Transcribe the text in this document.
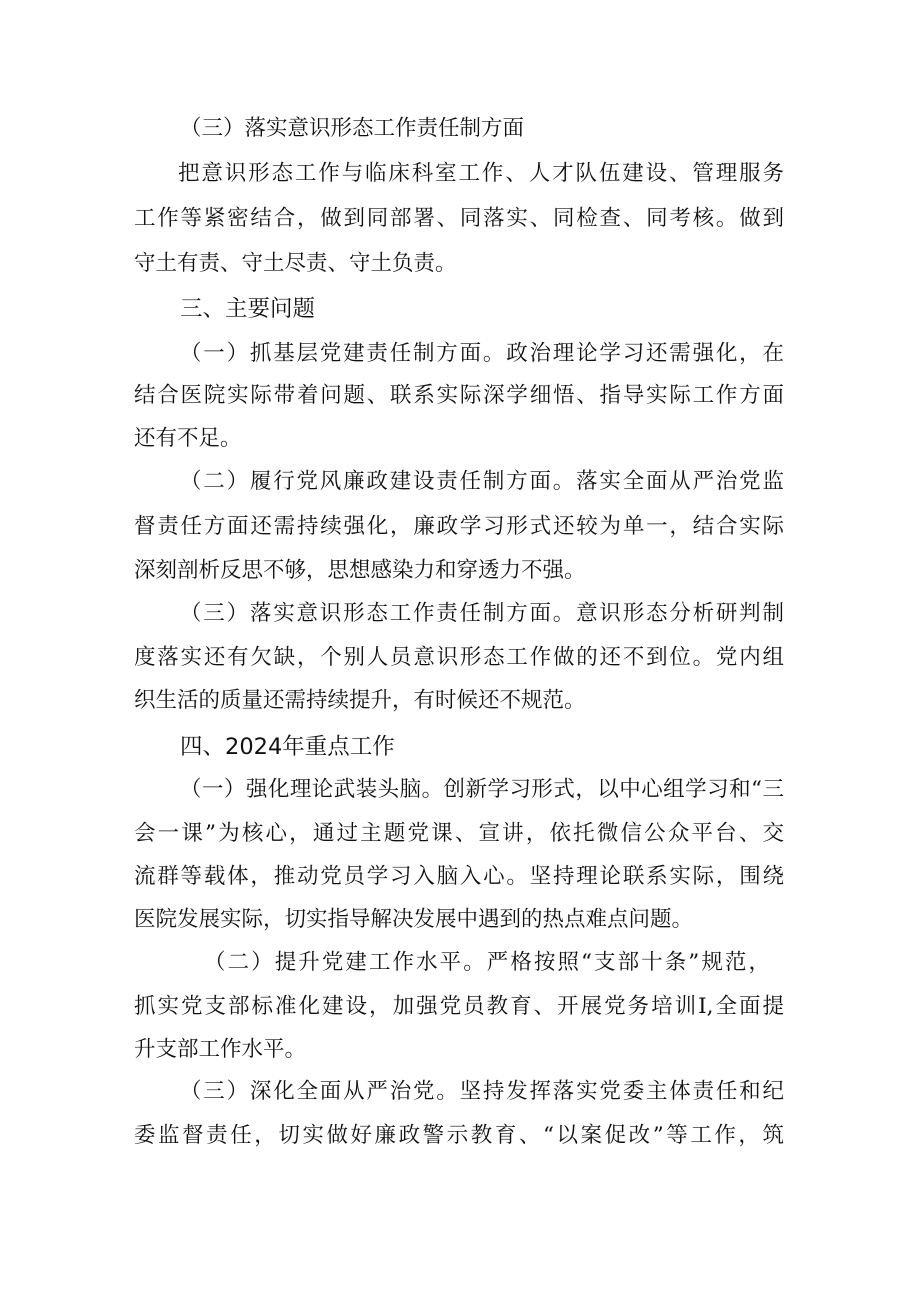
（三）落实意识形态工作责任制方面

把意识形态工作与临床科室工作、人才队伍建设、管理服务

工作等紧密结合，做到同部署、同落实、同检查、同考核。做到

守土有责、守土尽责、守土负责。

三、主要问题

（一）抓基层党建责任制方面。政治理论学习还需强化，在

结合医院实际带着问题、联系实际深学细悟、指导实际工作方面

还有不足。

（二）履行党风廉政建设责任制方面。落实全面从严治党监

督责任方面还需持续强化，廉政学习形式还较为单一，结合实际

深刻剖析反思不够，思想感染力和穿透力不强。

（三）落实意识形态工作责任制方面。意识形态分析研判制

度落实还有欠缺，个别人员意识形态工作做的还不到位。党内组

织生活的质量还需持续提升，有时候还不规范。

四、2024年重点工作

（一）强化理论武装头脑。创新学习形式，以中心组学习和“三

会一课”为核心，通过主题党课、宣讲，依托微信公众平台、交

流群等载体，推动党员学习入脑入心。坚持理论联系实际，围绕

医院发展实际，切实指导解决发展中遇到的热点难点问题。

（二）提升党建工作水平。严格按照“支部十条”规范，

抓实党支部标准化建设，加强党员教育、开展党务培训I,全面提

升支部工作水平。

（三）深化全面从严治党。坚持发挥落实党委主体责任和纪

委监督责任，切实做好廉政警示教育、“以案促改”等工作，筑
